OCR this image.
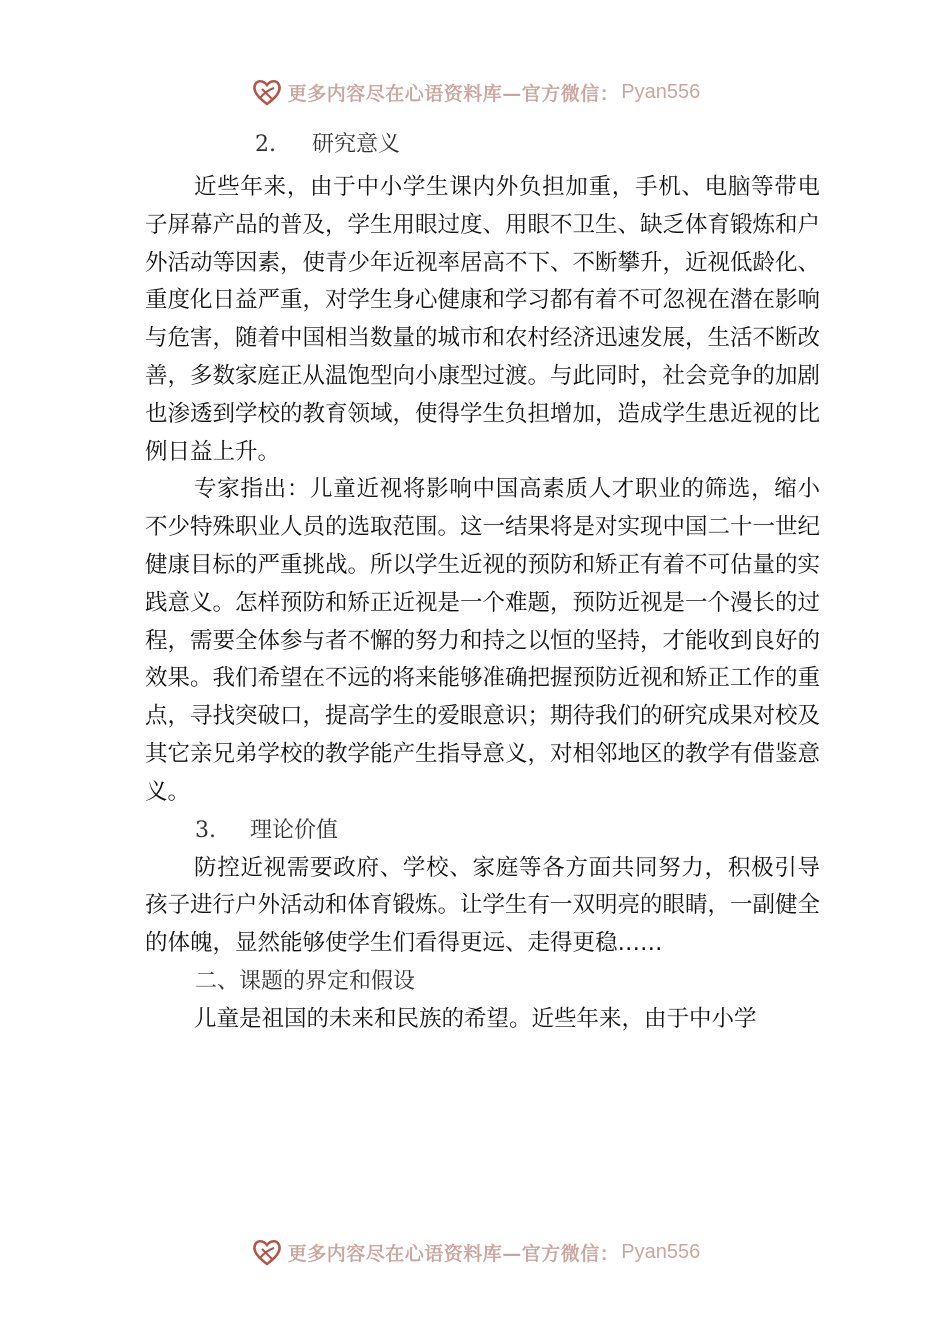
更多内容尽在心语资料库—官方微信： Pyan556
2. 研究意义

近些年来，由于中小学生课内外负担加重，手机、电脑等带电子屏幕产品的普及，学生用眼过度、用眼不卫生、缺乏体育锻炼和户外活动等因素，使青少年近视率居高不下、不断攀升，近视低龄化、重度化日益严重，对学生身心健康和学习都有着不可忽视在潜在影响与危害，随着中国相当数量的城市和农村经济迅速发展，生活不断改善，多数家庭正从温饱型向小康型过渡。与此同时，社会竞争的加剧也渗透到学校的教育领域，使得学生负担增加，造成学生患近视的比例日益上升。

专家指出：儿童近视将影响中国高素质人才职业的筛选，缩小不少特殊职业人员的选取范围。这一结果将是对实现中国二十一世纪健康目标的严重挑战。所以学生近视的预防和矫正有着不可估量的实践意义。怎样预防和矫正近视是一个难题，预防近视是一个漫长的过程，需要全体参与者不懈的努力和持之以恒的坚持，才能收到良好的效果。我们希望在不远的将来能够准确把握预防近视和矫正工作的重点，寻找突破口，提高学生的爱眼意识；期待我们的研究成果对校及其它亲兄弟学校的教学能产生指导意义，对相邻地区的教学有借鉴意义。

3. 理论价值

防控近视需要政府、学校、家庭等各方面共同努力，积极引导孩子进行户外活动和体育锻炼。让学生有一双明亮的眼睛，一副健全的体魄，显然能够使学生们看得更远、走得更稳……

二、课题的界定和假设

儿童是祖国的未来和民族的希望。近些年来，由于中小学

更多内容尽在心语资料库—官方微信： Pyan556
